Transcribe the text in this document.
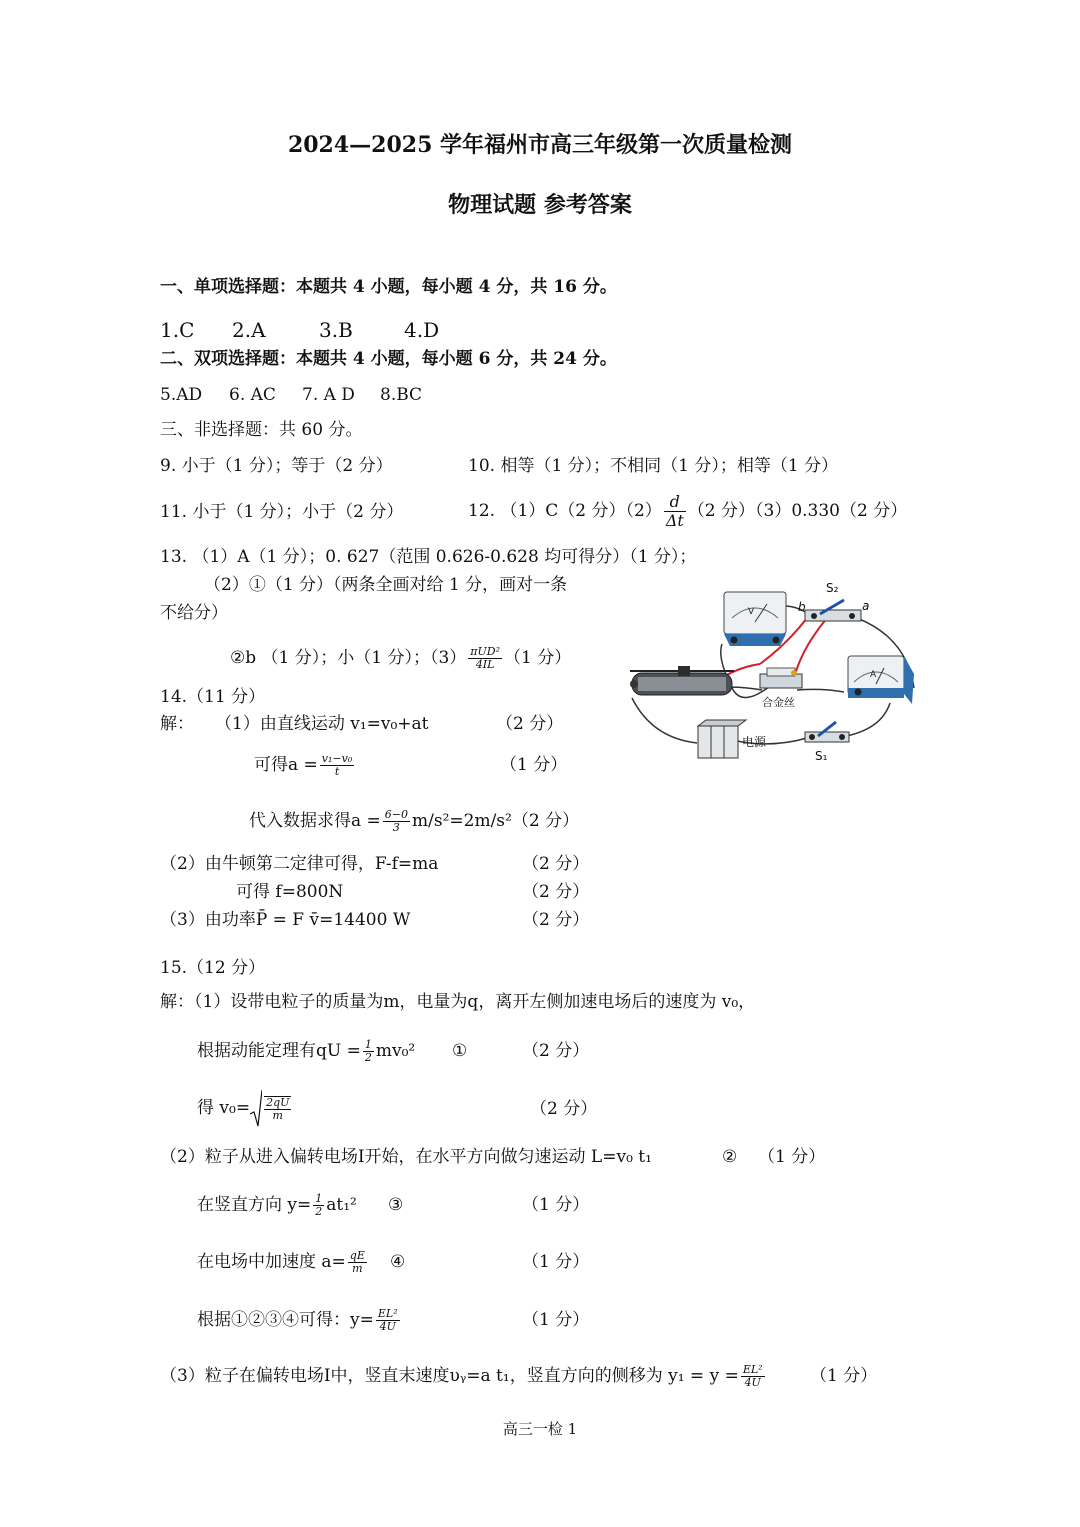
2024—2025 学年福州市高三年级第一次质量检测
物理试题 参考答案
一、单项选择题：本题共 4 小题，每小题 4 分，共 16 分。
1.C 2.A	3.B	4.D
二、双项选择题：本题共 4 小题，每小题 6 分，共 24 分。
5.AD 6. AC 7. A D 8.BC
三、非选择题：共 60 分。
9. 小于（1 分）；等于（2 分）	10. 相等（1 分）；不相同（1 分）；相等（1 分）
11. 小于（1 分）；小于（2 分）	12. （1）C（2 分）$(2) \frac{d}{\Delta t} (2$ 分）（3）0.330（2 分）
13. （1）A（1 分）；0. 627（范围 0.626-0.628 均可得分）（1 分）；
（2）①（1 分）（两条全画对给 1 分，画对一条
不给分）
②b （1 分）；小（1 分）；$(3) \frac{\text{πUD²}}{4IL} (1$ 分）
V
S₂
b	a
合金丝
A
电源
S₁
14.（11 分）
解： （1）由直线运动 v₁=v₀+at	（2 分）
可得$a = \frac{\text{v₁−v₀}}{t}$	（1 分）
代入数据求得$a = \frac{6-0}{3} m/s^2=2m/s^2(2$ 分）
（2）由牛顿第二定律可得，F-f=ma	（2 分）
可得 f=800N	（2 分）
（3）由功率P̄ = F v̄=14400 W	（2 分）
15.（12 分）
解：（1）设带电粒子的质量为m，电量为q，离开左侧加速电场后的速度为 v₀，
根据动能定理有qU = $\frac{1}{2} mv_0^2$ ①	（2 分）
得 $v_0= \frac{2qU}{m}$	（2 分）
（2）粒子从进入偏转电场Ⅰ开始，在水平方向做匀速运动 L=v₀ t₁	② （1 分）
在竖直方向 $y= \frac{1}{2} at_1^2$ ③	（1 分）
在电场中加速度 $a= \frac{qE}{m}$ ④	（1 分）
根据①②③④可得：$y= \frac{\text{EL²}}{4U}$	（1 分）
（3）粒子在偏转电场Ⅰ中，竖直末速度υᵧ=a t₁，竖直方向的侧移为 $y_1 = y = \frac{\text{EL²}}{4U}$	（1 分）
高三一检 1
